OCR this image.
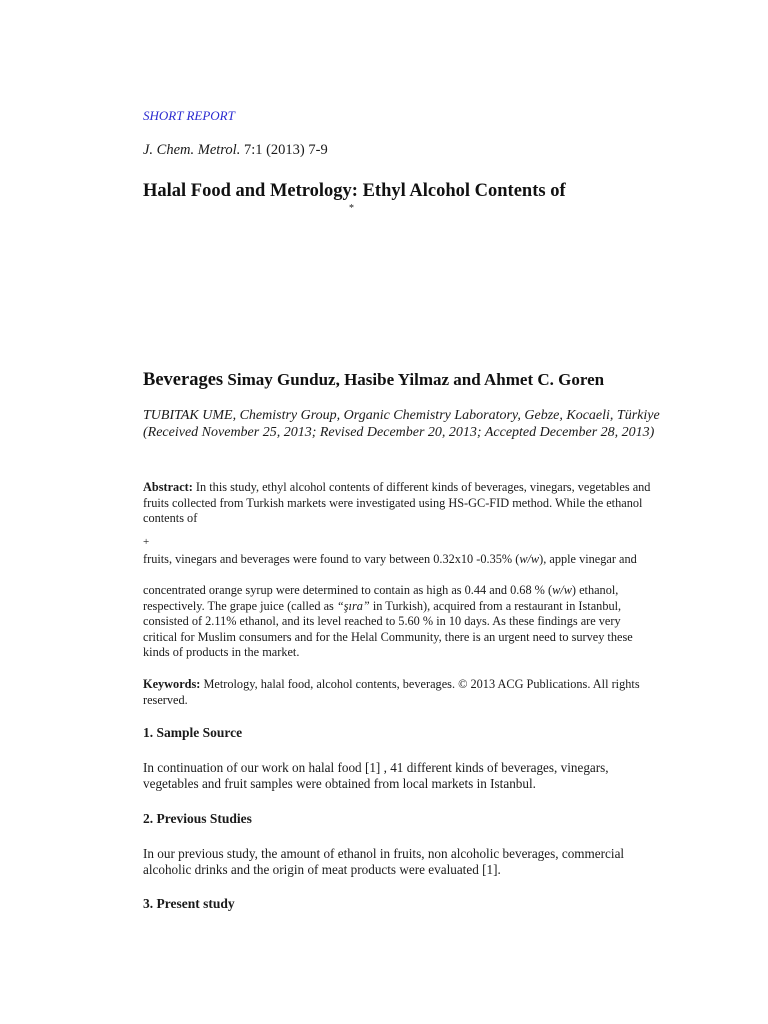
SHORT REPORT
J. Chem. Metrol. 7:1 (2013) 7-9
Halal Food and Metrology: Ethyl Alcohol Contents of
*
Beverages Simay Gunduz, Hasibe Yilmaz and Ahmet C. Goren
TUBITAK UME, Chemistry Group, Organic Chemistry Laboratory, Gebze, Kocaeli, Türkiye (Received November 25, 2013; Revised December 20, 2013; Accepted December 28, 2013)
Abstract: In this study, ethyl alcohol contents of different kinds of beverages, vinegars, vegetables and fruits collected from Turkish markets were investigated using HS-GC-FID method. While the ethanol contents of
+
fruits, vinegars and beverages were found to vary between 0.32x10 -0.35% (w/w), apple vinegar and
concentrated orange syrup were determined to contain as high as 0.44 and 0.68 % (w/w) ethanol, respectively. The grape juice (called as “şıra” in Turkish), acquired from a restaurant in Istanbul, consisted of 2.11% ethanol, and its level reached to 5.60 % in 10 days. As these findings are very critical for Muslim consumers and for the Helal Community, there is an urgent need to survey these kinds of products in the market.
Keywords: Metrology, halal food, alcohol contents, beverages. © 2013 ACG Publications. All rights reserved.
1. Sample Source
In continuation of our work on halal food [1] , 41 different kinds of beverages, vinegars, vegetables and fruit samples were obtained from local markets in Istanbul.
2. Previous Studies
In our previous study, the amount of ethanol in fruits, non alcoholic beverages, commercial alcoholic drinks and the origin of meat products were evaluated [1].
3. Present study
